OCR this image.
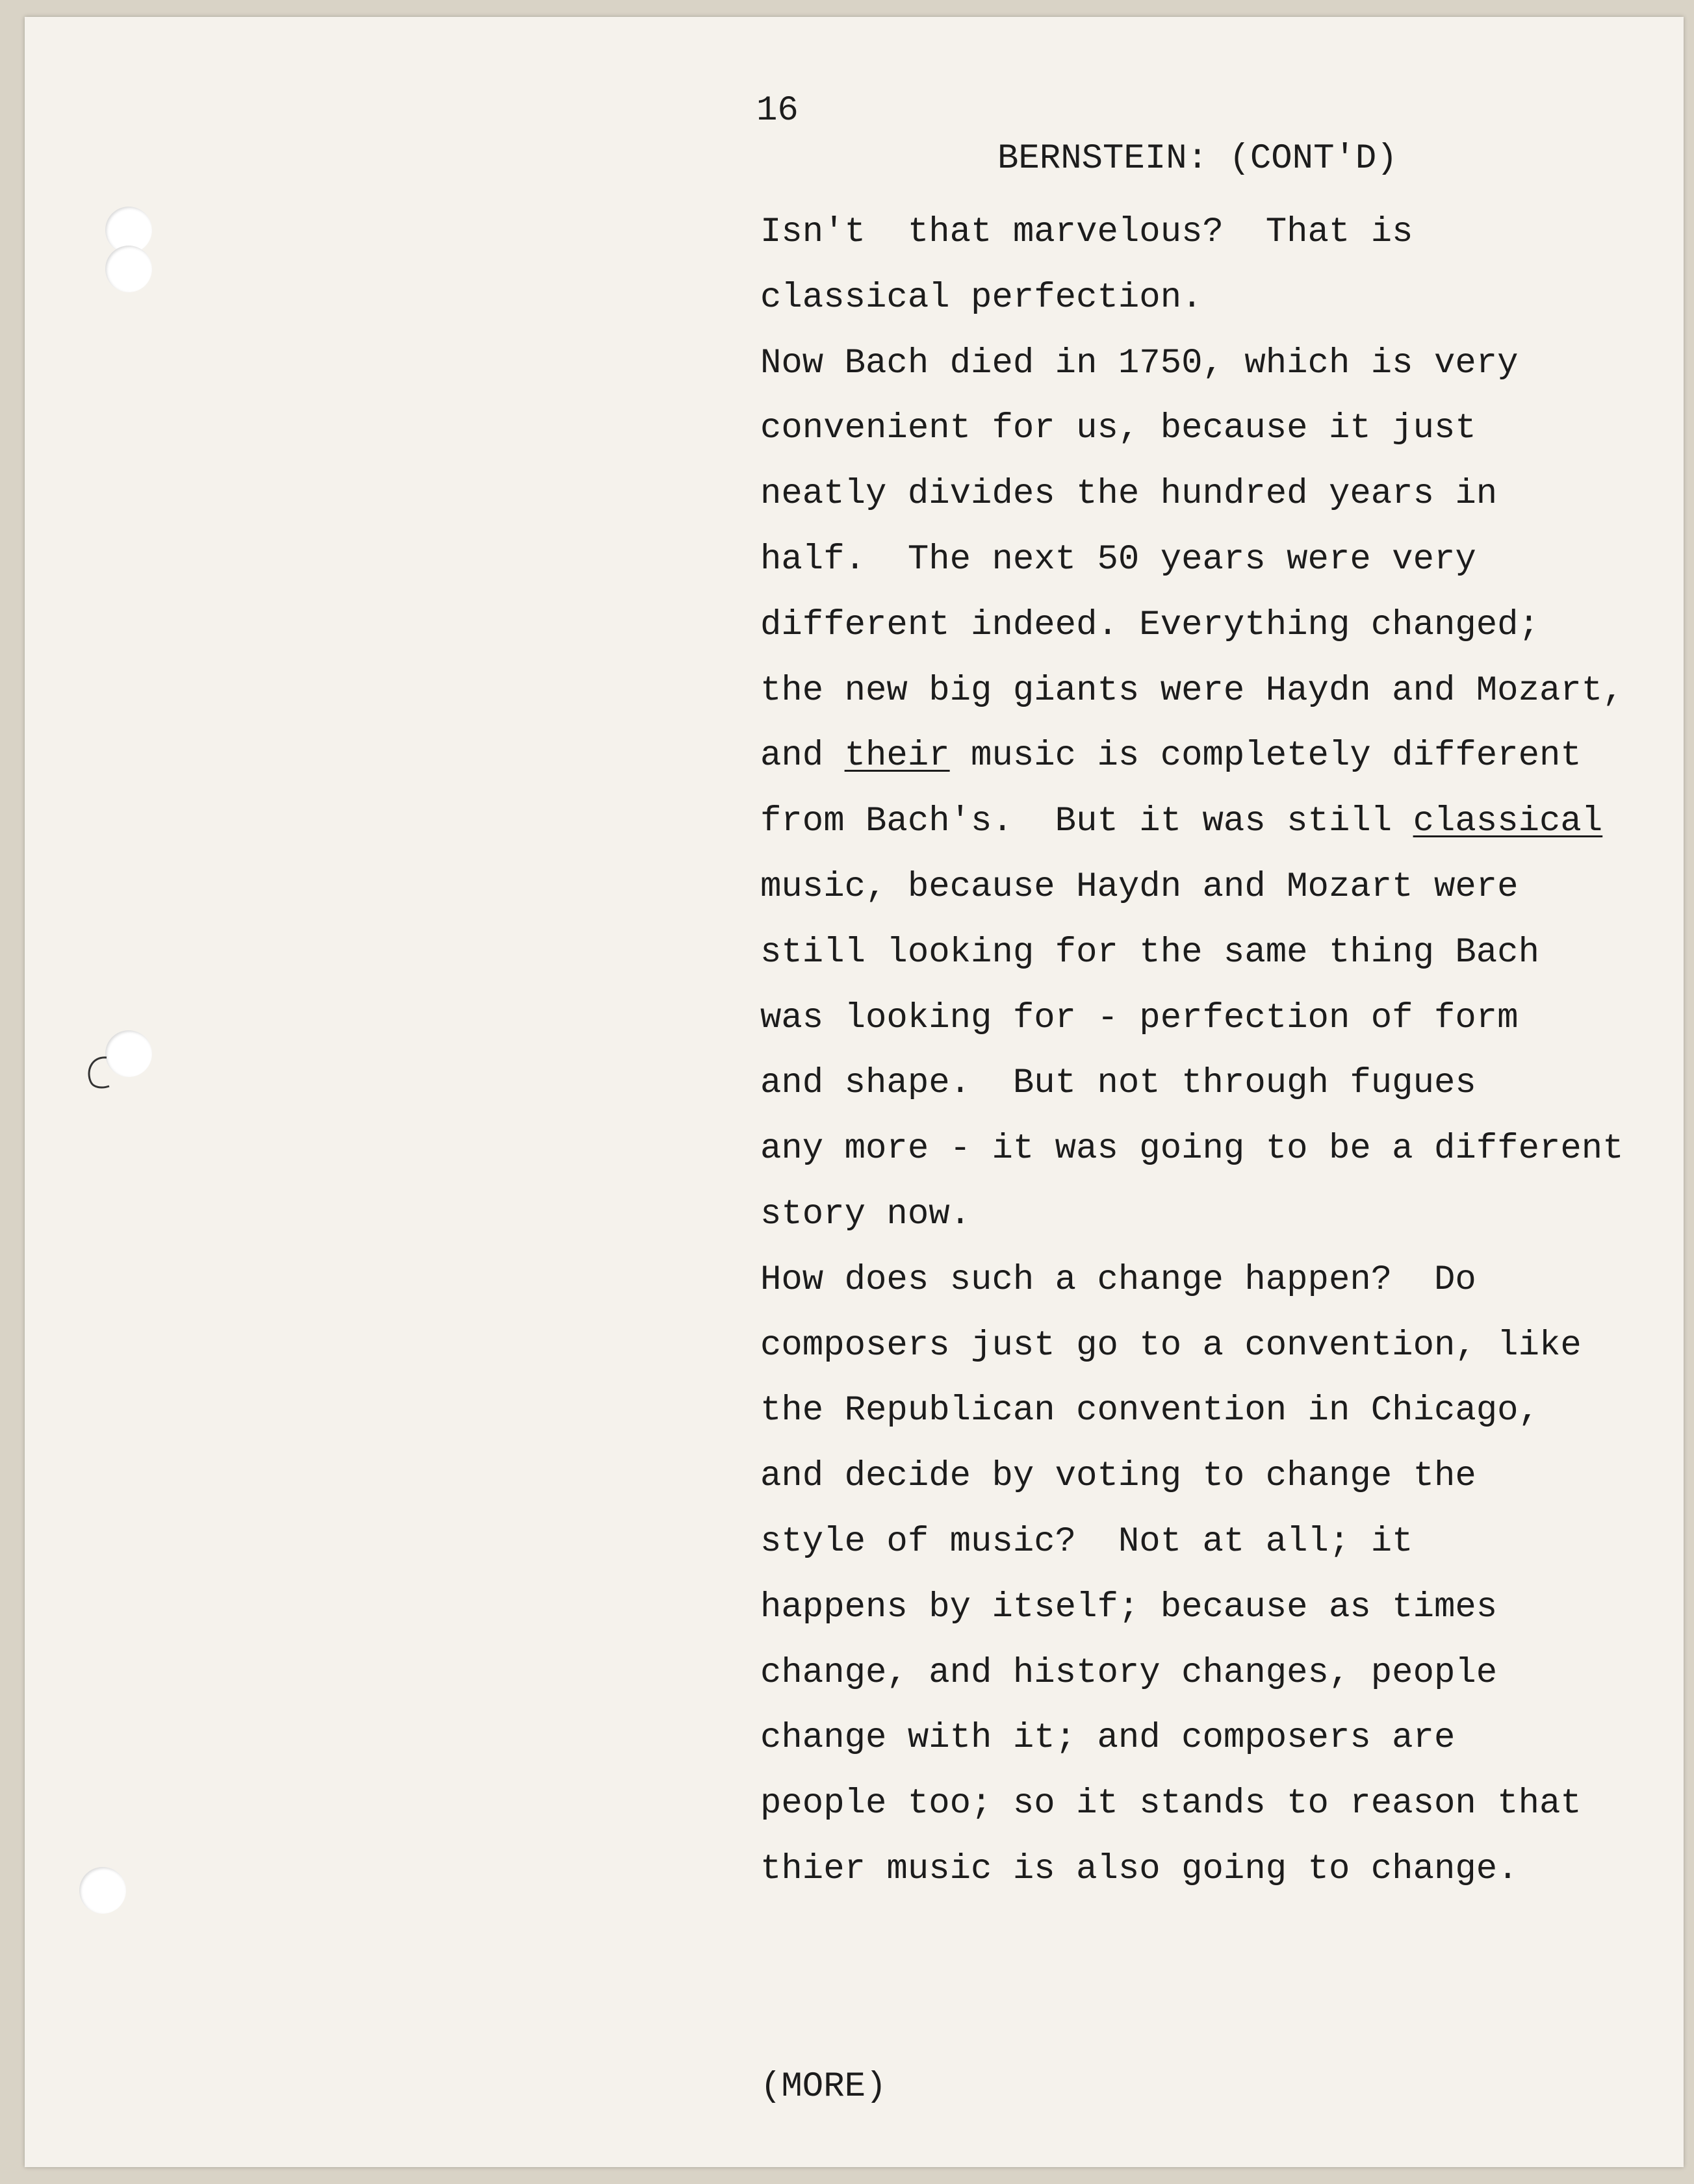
16
BERNSTEIN: (CONT'D)
Isn't  that marvelous?  That is
classical perfection.
Now Bach died in 1750, which is very
convenient for us, because it just
neatly divides the hundred years in
half.  The next 50 years were very
different indeed. Everything changed;
the new big giants were Haydn and Mozart,
and their music is completely different
from Bach's.  But it was still classical
music, because Haydn and Mozart were
still looking for the same thing Bach
was looking for - perfection of form
and shape.  But not through fugues
any more - it was going to be a different
story now.
How does such a change happen?  Do
composers just go to a convention, like
the Republican convention in Chicago,
and decide by voting to change the
style of music?  Not at all; it
happens by itself; because as times
change, and history changes, people
change with it; and composers are
people too; so it stands to reason that
thier music is also going to change.
(MORE)
